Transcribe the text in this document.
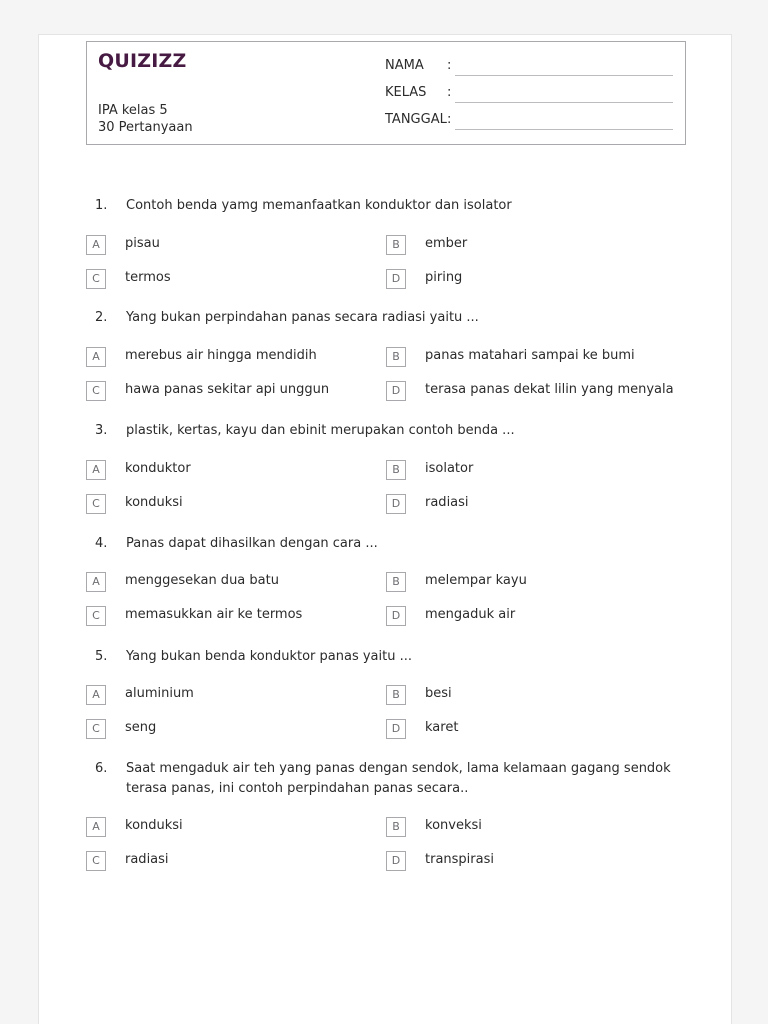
QUIZIZZ
IPA kelas 5
30 Pertanyaan
NAMA :
KELAS :
TANGGAL :
1. Contoh benda yamg memanfaatkan konduktor dan isolator
A	pisau	B	ember
C	termos	D	piring
2. Yang bukan perpindahan panas secara radiasi yaitu ...
A	merebus air hingga mendidih	B	panas matahari sampai ke bumi
C	hawa panas sekitar api unggun	D	terasa panas dekat lilin yang menyala
3. plastik, kertas, kayu dan ebinit merupakan contoh benda ...
A	konduktor	B	isolator
C	konduksi	D	radiasi
4. Panas dapat dihasilkan dengan cara ...
A	menggesekan dua batu	B	melempar kayu
C	memasukkan air ke termos	D	mengaduk air
5. Yang bukan benda konduktor panas yaitu ...
A	aluminium	B	besi
C	seng	D	karet
6. Saat mengaduk air teh yang panas dengan sendok, lama kelamaan gagang sendok terasa panas, ini contoh perpindahan panas secara..
A	konduksi	B	konveksi
C	radiasi	D	transpirasi
